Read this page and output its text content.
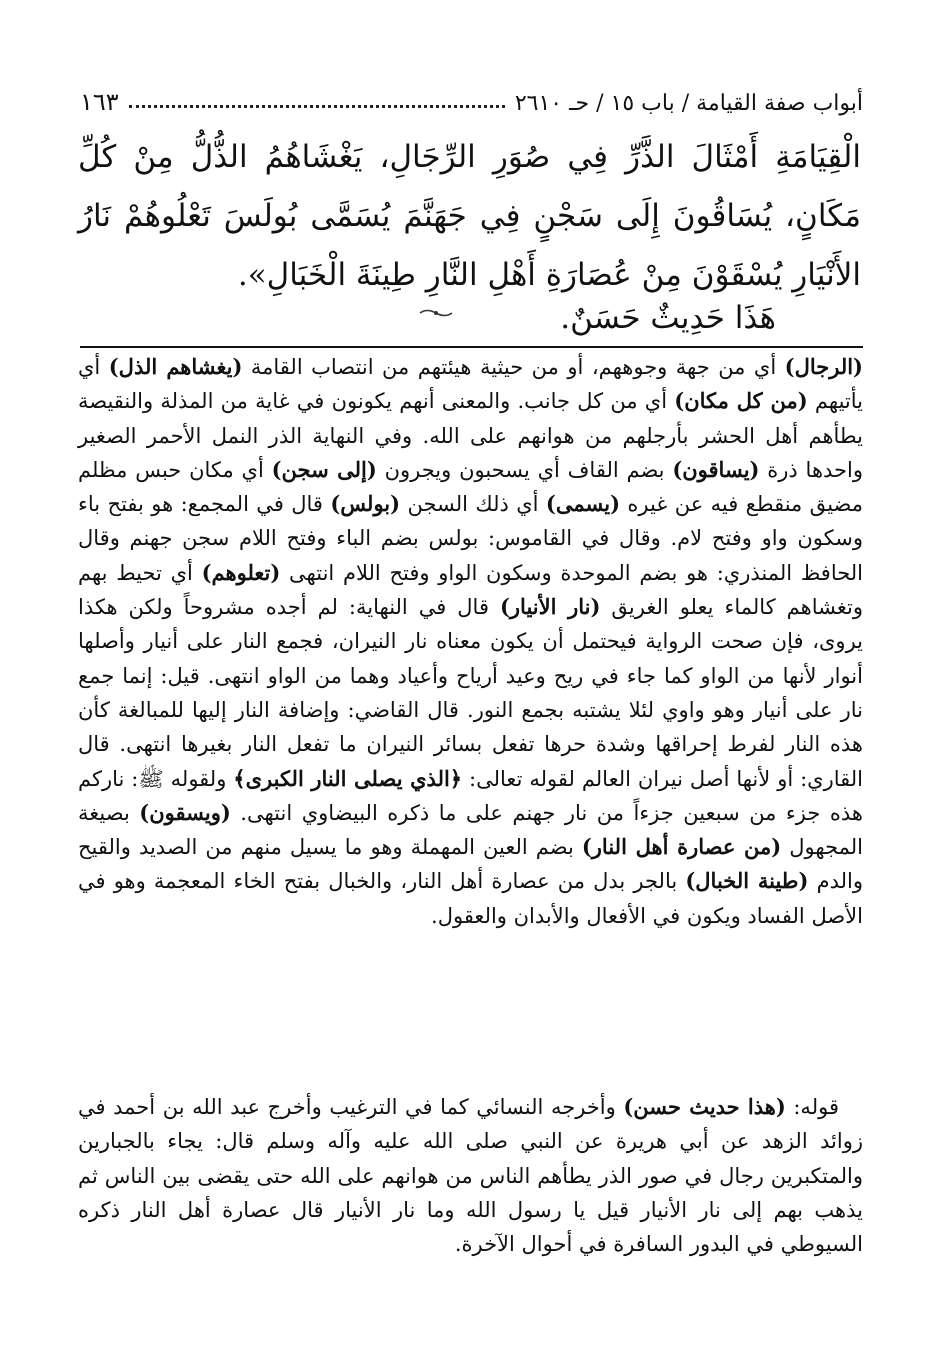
أبواب صفة القيامة / باب ١٥ / حـ ٢٦١٠
١٦٣

الْقِيَامَةِ أَمْثَالَ الذَّرِّ فِي صُوَرِ الرِّجَالِ، يَغْشَاهُمُ الذُّلُّ مِنْ كُلِّ مَكَانٍ، يُسَاقُونَ إِلَى سَجْنٍ فِي جَهَنَّمَ يُسَمَّى بُولَسَ تَعْلُوهُمْ نَارُ الأَنْيَارِ يُسْقَوْنَ مِنْ عُصَارَةِ أَهْلِ النَّارِ طِينَةَ الْخَبَالِ».

هَذَا حَدِيثٌ حَسَنٌ.

(الرجال) أي من جهة وجوههم، أو من حيثية هيئتهم من انتصاب القامة (يغشاهم الذل) أي يأتيهم (من كل مكان) أي من كل جانب. والمعنى أنهم يكونون في غاية من المذلة والنقيصة يطأهم أهل الحشر بأرجلهم من هوانهم على الله. وفي النهاية الذر النمل الأحمر الصغير واحدها ذرة (يساقون) بضم القاف أي يسحبون ويجرون (إلى سجن) أي مكان حبس مظلم مضيق منقطع فيه عن غيره (يسمى) أي ذلك السجن (بولس) قال في المجمع: هو بفتح باء وسكون واو وفتح لام. وقال في القاموس: بولس بضم الباء وفتح اللام سجن جهنم وقال الحافظ المنذري: هو بضم الموحدة وسكون الواو وفتح اللام انتهى (تعلوهم) أي تحيط بهم وتغشاهم كالماء يعلو الغريق (نار الأنيار) قال في النهاية: لم أجده مشروحاً ولكن هكذا يروى، فإن صحت الرواية فيحتمل أن يكون معناه نار النيران، فجمع النار على أنيار وأصلها أنوار لأنها من الواو كما جاء في ريح وعيد أرياح وأعياد وهما من الواو انتهى. قيل: إنما جمع نار على أنيار وهو واوي لئلا يشتبه بجمع النور. قال القاضي: وإضافة النار إليها للمبالغة كأن هذه النار لفرط إحراقها وشدة حرها تفعل بسائر النيران ما تفعل النار بغيرها انتهى. قال القاري: أو لأنها أصل نيران العالم لقوله تعالى: ﴿الذي يصلى النار الكبرى﴾ ولقوله ﷺ: ناركم هذه جزء من سبعين جزءاً من نار جهنم على ما ذكره البيضاوي انتهى. (ويسقون) بصيغة المجهول (من عصارة أهل النار) بضم العين المهملة وهو ما يسيل منهم من الصديد والقيح والدم (طينة الخبال) بالجر بدل من عصارة أهل النار، والخبال بفتح الخاء المعجمة وهو في الأصل الفساد ويكون في الأفعال والأبدان والعقول.

قوله: (هذا حديث حسن) وأخرجه النسائي كما في الترغيب وأخرج عبد الله بن أحمد في زوائد الزهد عن أبي هريرة عن النبي صلى الله عليه وآله وسلم قال: يجاء بالجبارين والمتكبرين رجال في صور الذر يطأهم الناس من هوانهم على الله حتى يقضى بين الناس ثم يذهب بهم إلى نار الأنيار قيل يا رسول الله وما نار الأنيار قال عصارة أهل النار ذكره السيوطي في البدور السافرة في أحوال الآخرة.
